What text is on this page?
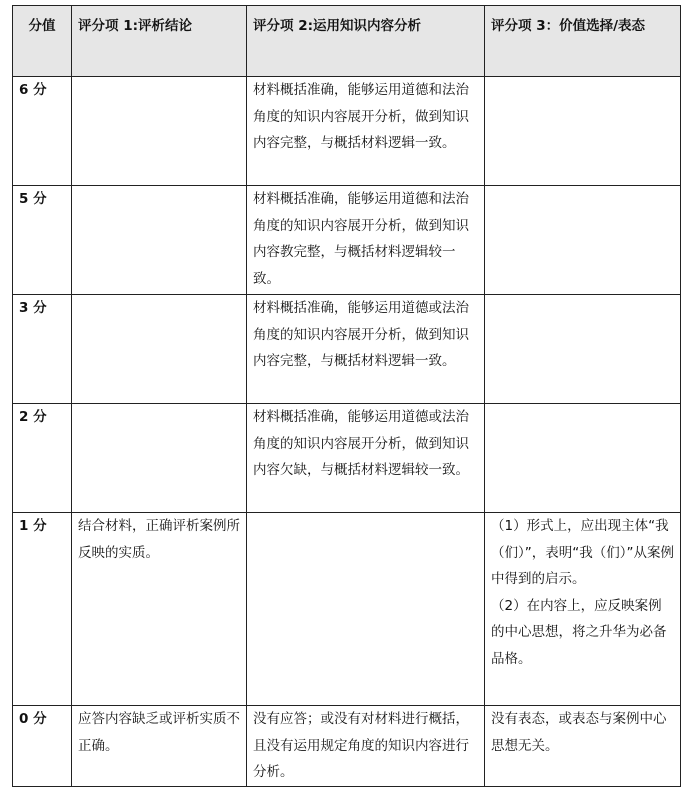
分值	评分项 1:评析结论	评分项 2:运用知识内容分析	评分项 3：价值选择/表态
6 分		材料概括准确，能够运用道德和法治角度的知识内容展开分析，做到知识内容完整，与概括材料逻辑一致。	
5 分		材料概括准确，能够运用道德和法治角度的知识内容展开分析，做到知识内容教完整，与概括材料逻辑较一致。	
3 分		材料概括准确，能够运用道德或法治角度的知识内容展开分析，做到知识内容完整，与概括材料逻辑一致。	
2 分		材料概括准确，能够运用道德或法治角度的知识内容展开分析，做到知识内容欠缺，与概括材料逻辑较一致。	
1 分	结合材料，正确评析案例所反映的实质。		（1）形式上，应出现主体“我（们）”，表明“我（们）”从案例中得到的启示。
（2）在内容上，应反映案例的中心思想，将之升华为必备品格。

0 分	应答内容缺乏或评析实质不正确。	没有应答；或没有对材料进行概括，且没有运用规定角度的知识内容进行分析。	没有表态，或表态与案例中心思想无关。
